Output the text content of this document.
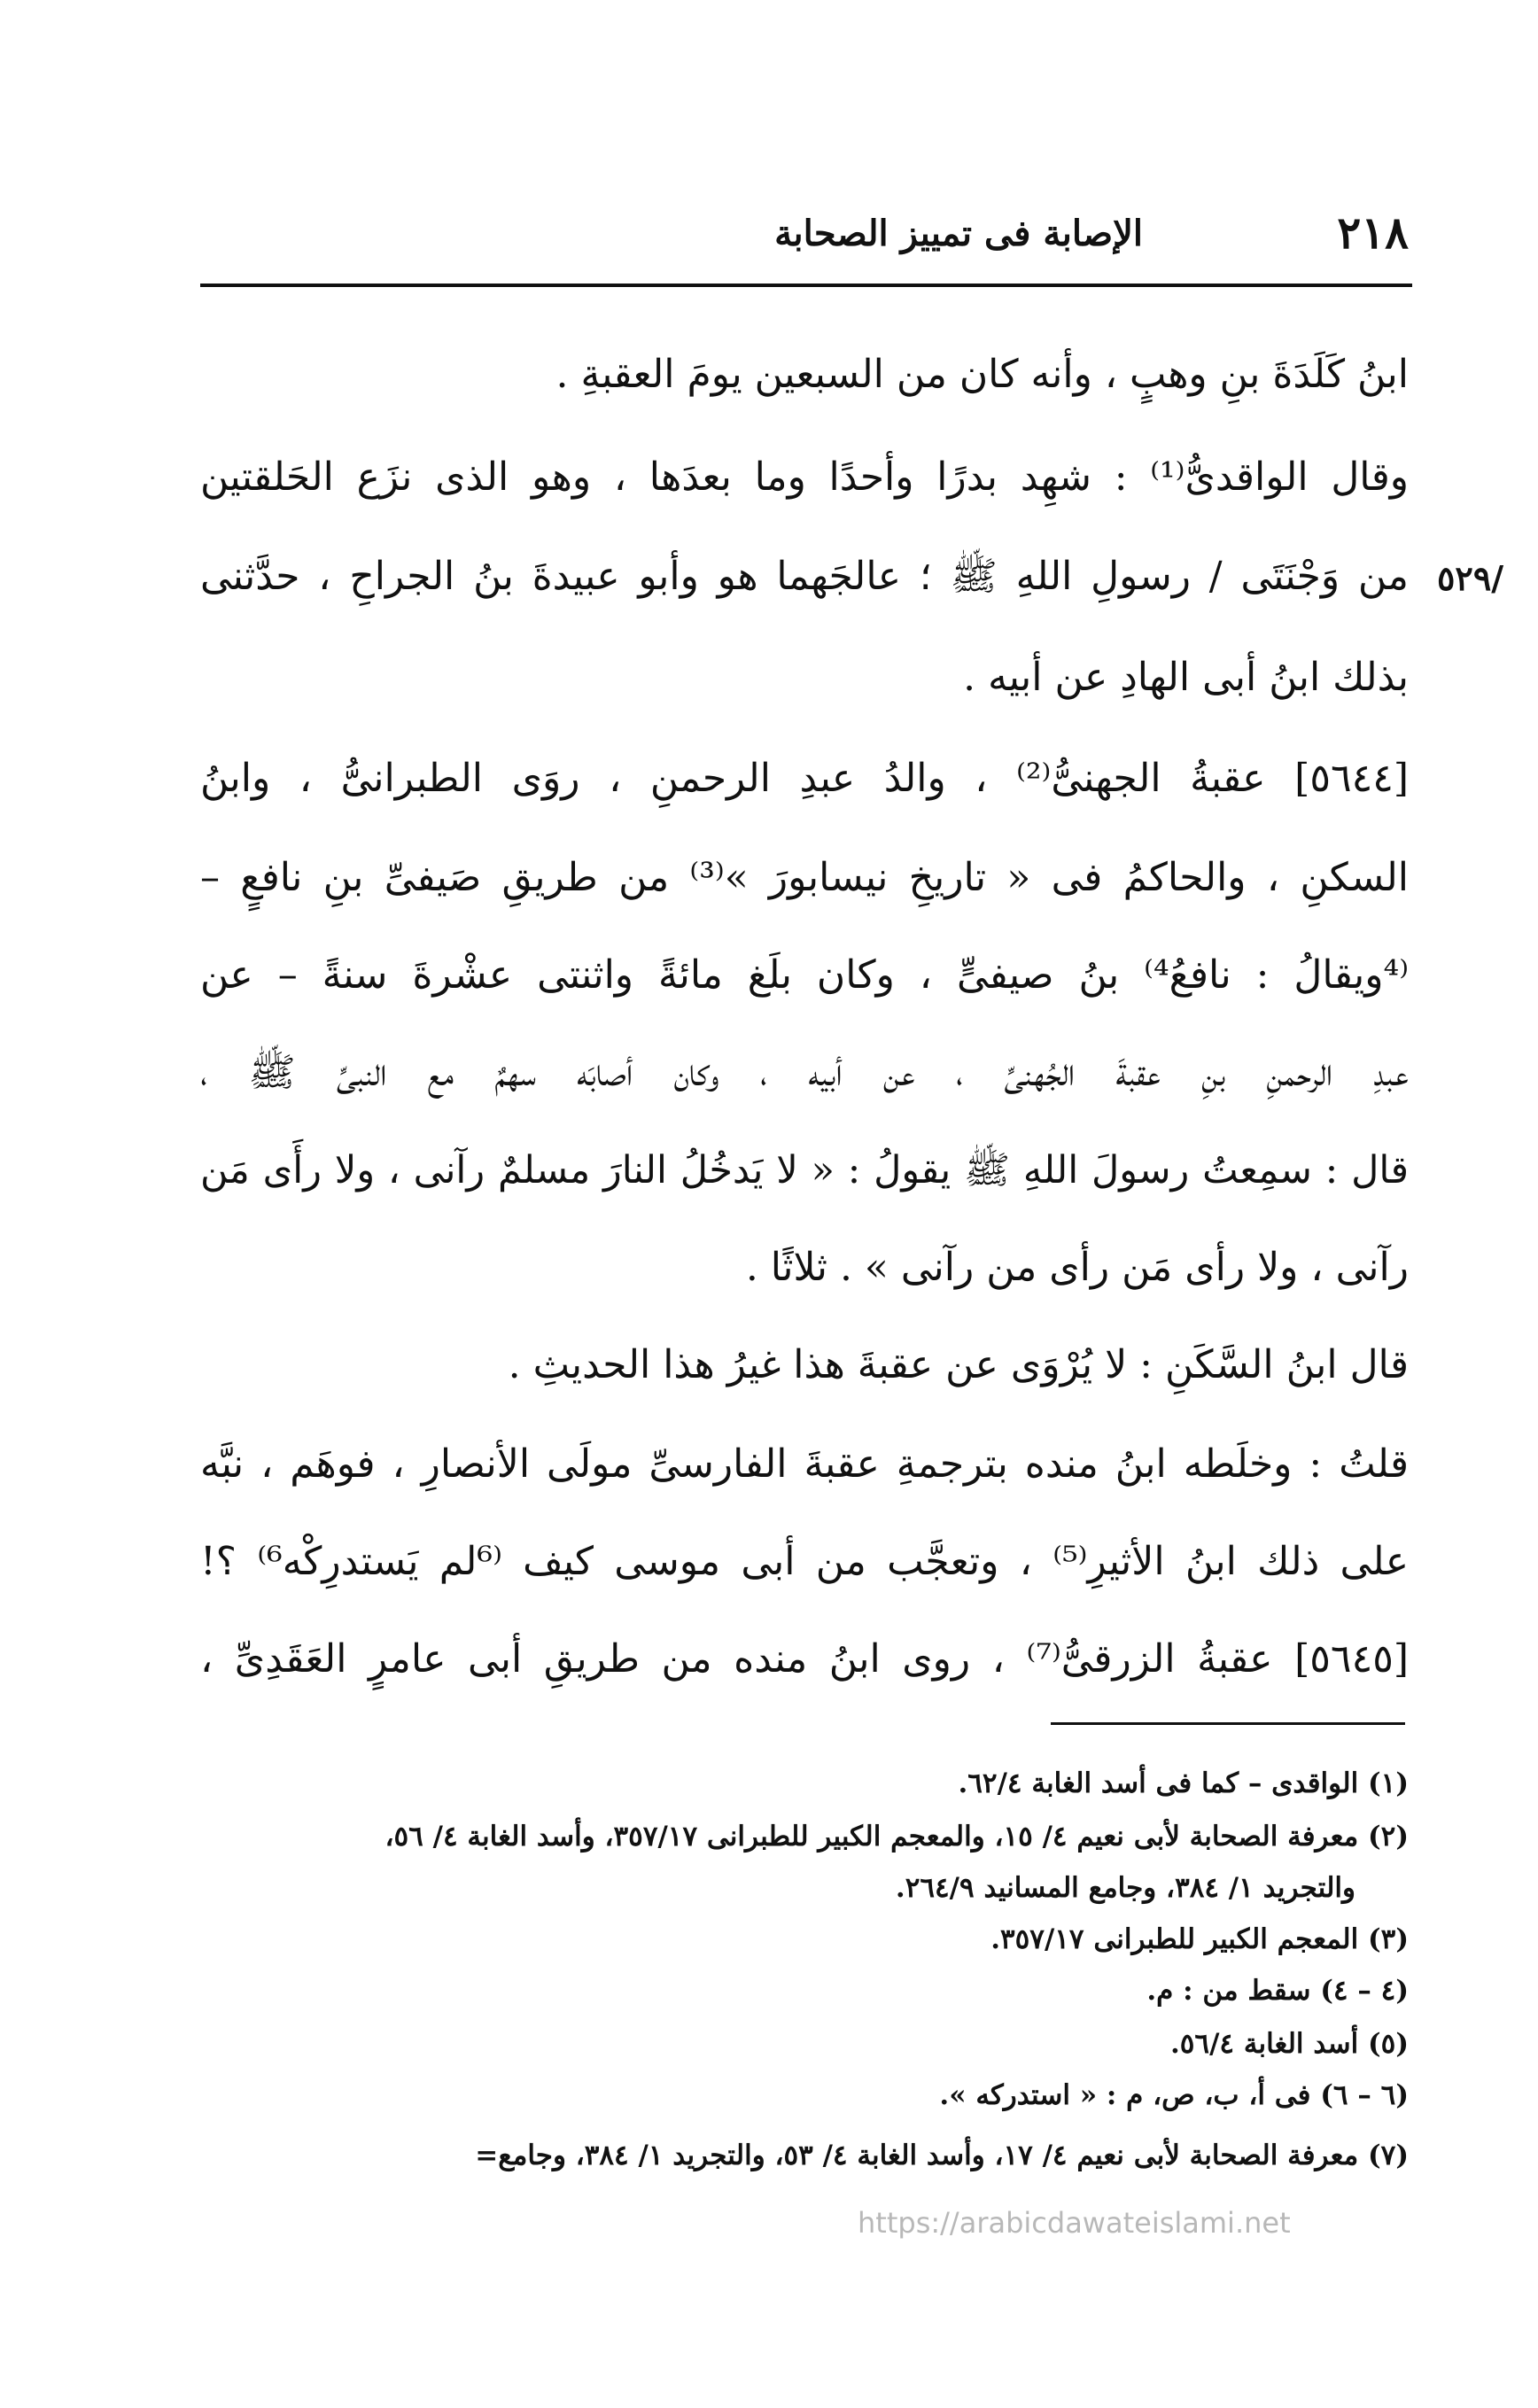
٢١٨
الإصابة فى تمييز الصحابة
٥٢٩/
ابنُ كَلَدَةَ بنِ وهبٍ ، وأنه كان من السبعين يومَ العقبةِ .
وقال الواقدىُّ⁽¹⁾ : شهِد بدرًا وأحدًا وما بعدَها ، وهو الذى نزَع الحَلقتين
من وَجْنَتَى / رسولِ اللهِ ﷺ ؛ عالجَهما هو وأبو عبيدةَ بنُ الجراحِ ، حدَّثنى
بذلك ابنُ أبى الهادِ عن أبيه .
[٥٦٤٤] عقبةُ الجهنىُّ⁽²⁾ ، والدُ عبدِ الرحمنِ ، روَى الطبرانىُّ ، وابنُ
السكنِ ، والحاكمُ فى « تاريخِ نيسابورَ »⁽³⁾ من طريقِ صَيفىِّ بنِ نافعٍ –
⁽⁴ويقالُ : نافعُ⁴⁾ بنُ صيفىٍّ ، وكان بلَغ مائةً واثنتى عشْرةَ سنةً – عن
عبدِ الرحمنِ بنِ عقبةَ الجُهنىِّ ، عن أبيه ، وكان أصابَه سهمٌ مع النبىِّ ﷺ ،
قال : سمِعتُ رسولَ اللهِ ﷺ يقولُ : « لا يَدخُلُ النارَ مسلمٌ رآنى ، ولا رأَى مَن
رآنى ، ولا رأى مَن رأى من رآنى » . ثلاثًا .
قال ابنُ السَّكَنِ : لا يُرْوَى عن عقبةَ هذا غيرُ هذا الحديثِ .
قلتُ : وخلَطه ابنُ منده بترجمةِ عقبةَ الفارسىِّ مولَى الأنصارِ ، فوهَم ، نبَّه
على ذلك ابنُ الأثيرِ⁽⁵⁾ ، وتعجَّب من أبى موسى كيف ⁽⁶لم يَستدرِكْه⁶⁾ ؟!
[٥٦٤٥] عقبةُ الزرقىُّ⁽⁷⁾ ، روى ابنُ منده من طريقِ أبى عامرٍ العَقَدِىِّ ،
(١) الواقدى – كما فى أسد الغابة ٦٢/٤.
(٢) معرفة الصحابة لأبى نعيم ٤/ ١٥، والمعجم الكبير للطبرانى ٣٥٧/١٧، وأسد الغابة ٤/ ٥٦،
والتجريد ١/ ٣٨٤، وجامع المسانيد ٢٦٤/٩.
(٣) المعجم الكبير للطبرانى ٣٥٧/١٧.
(٤ – ٤) سقط من : م.
(٥) أسد الغابة ٥٦/٤.
(٦ – ٦) فى أ، ب، ص، م : « استدركه ».
(٧) معرفة الصحابة لأبى نعيم ٤/ ١٧، وأسد الغابة ٤/ ٥٣، والتجريد ١/ ٣٨٤، وجامع=
https://arabicdawateislami.net
